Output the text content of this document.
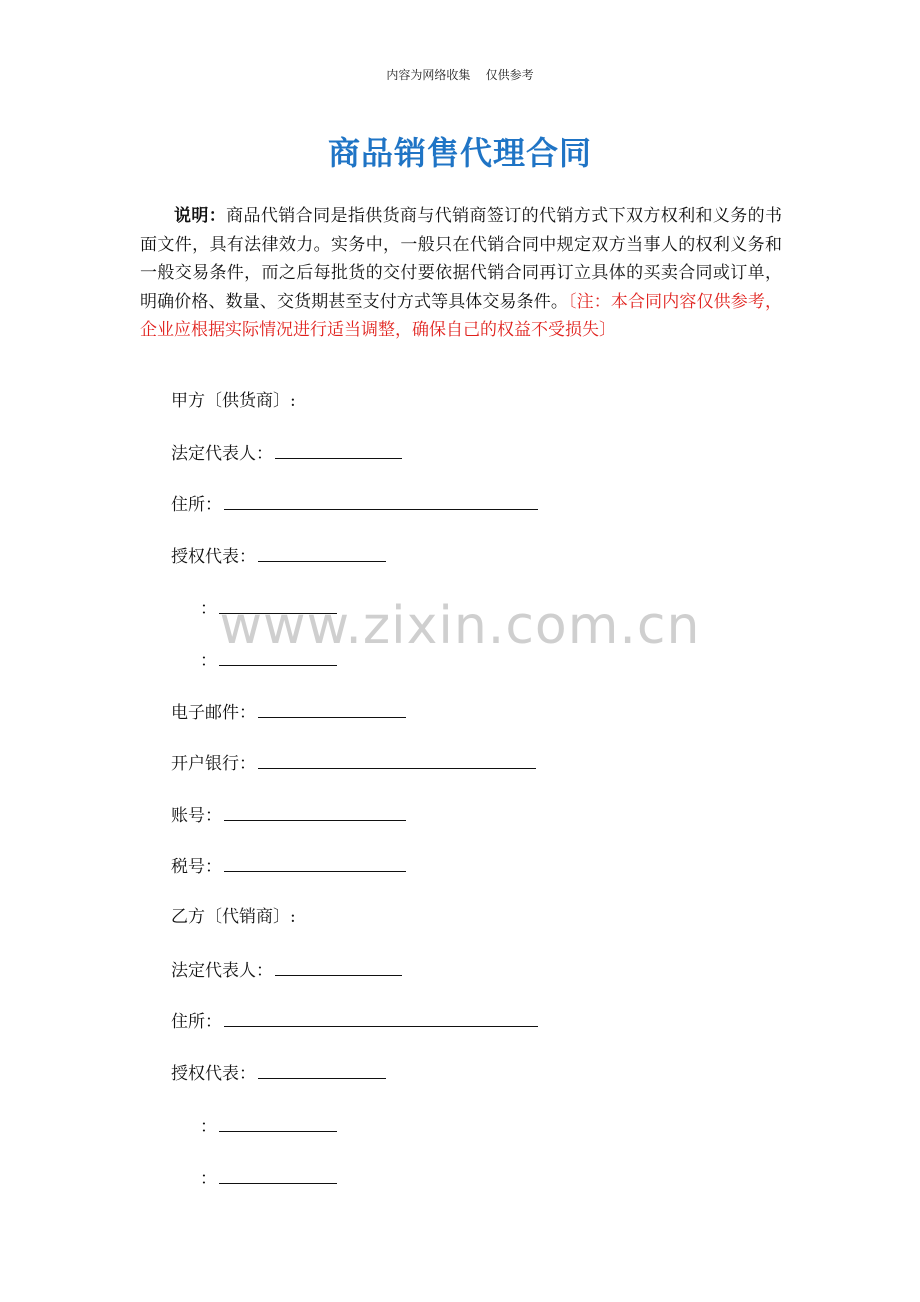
内容为网络收集    仅供参考
商品销售代理合同
说明：商品代销合同是指供货商与代销商签订的代销方式下双方权利和义务的书面文件，具有法律效力。实务中，一般只在代销合同中规定双方当事人的权利义务和一般交易条件，而之后每批货的交付要依据代销合同再订立具体的买卖合同或订单，明确价格、数量、交货期甚至支付方式等具体交易条件。〔注：本合同内容仅供参考，企业应根据实际情况进行适当调整，确保自己的权益不受损失〕
甲方〔供货商〕:
法定代表人：
住所：
授权代表：
：
：
电子邮件：
开户银行：
账号：
税号：
乙方〔代销商〕:
法定代表人：
住所：
授权代表：
：
：
www.zixin.com.cn
